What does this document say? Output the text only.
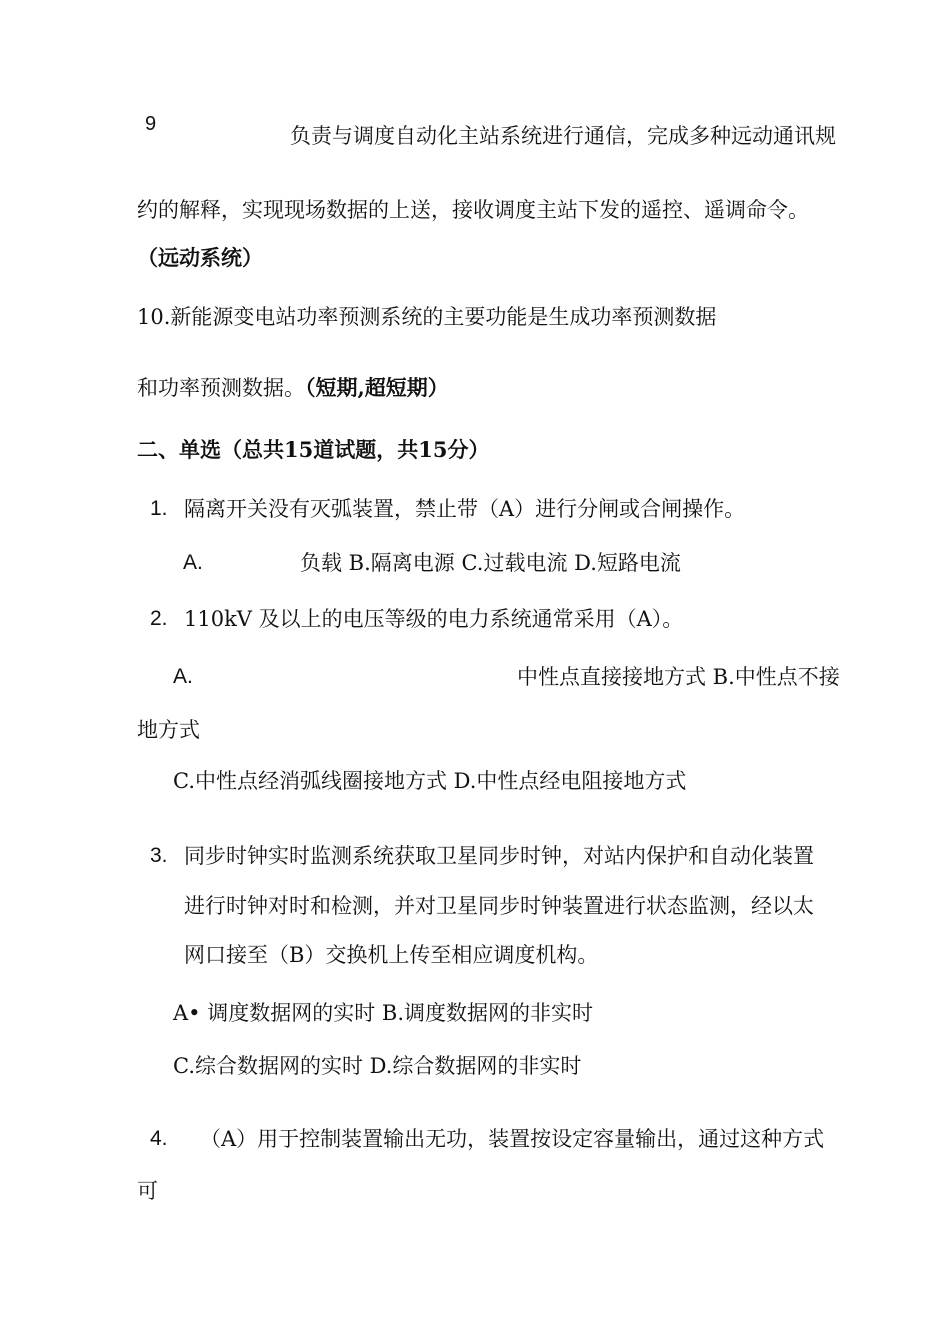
9	负责与调度自动化主站系统进行通信，完成多种远动通讯规
约的解释，实现现场数据的上送，接收调度主站下发的遥控、遥调命令。
（远动系统）
10.新能源变电站功率预测系统的主要功能是生成功率预测数据
和功率预测数据。（短期,超短期）
二、单选（总共15道试题，共15分）
1. 隔离开关没有灭弧装置，禁止带（A）进行分闸或合闸操作。
A.	负载 B.隔离电源 C.过载电流 D.短路电流
2. 110kV 及以上的电压等级的电力系统通常采用（A）。
A.	中性点直接接地方式 B.中性点不接
地方式
C.中性点经消弧线圈接地方式 D.中性点经电阻接地方式
3. 同步时钟实时监测系统获取卫星同步时钟，对站内保护和自动化装置
进行时钟对时和检测，并对卫星同步时钟装置进行状态监测，经以太
网口接至（B）交换机上传至相应调度机构。
A• 调度数据网的实时 B.调度数据网的非实时
C.综合数据网的实时 D.综合数据网的非实时
4. （A）用于控制装置输出无功，装置按设定容量输出，通过这种方式
可
